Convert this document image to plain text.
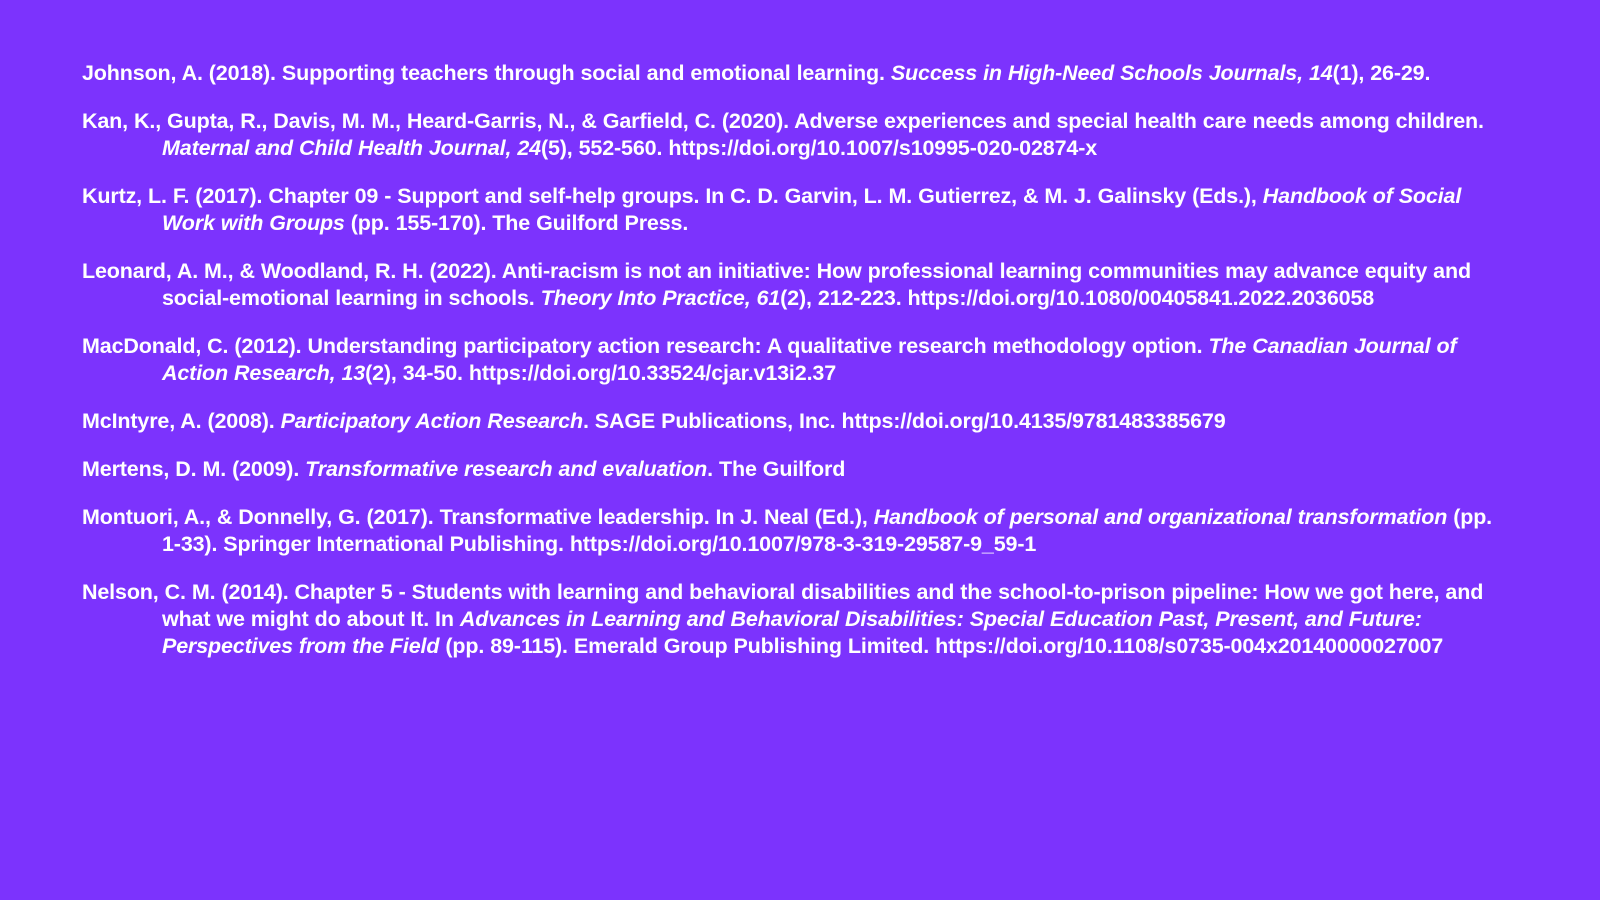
Johnson, A. (2018). Supporting teachers through social and emotional learning. Success in High-Need Schools Journals, 14(1), 26-29.

Kan, K., Gupta, R., Davis, M. M., Heard-Garris, N., & Garfield, C. (2020). Adverse experiences and special health care needs among children. Maternal and Child Health Journal, 24(5), 552-560. https://doi.org/10.1007/s10995-020-02874-x

Kurtz, L. F. (2017). Chapter 09 - Support and self-help groups. In C. D. Garvin, L. M. Gutierrez, & M. J. Galinsky (Eds.), Handbook of Social Work with Groups (pp. 155-170). The Guilford Press.

Leonard, A. M., & Woodland, R. H. (2022). Anti-racism is not an initiative: How professional learning communities may advance equity and social-emotional learning in schools. Theory Into Practice, 61(2), 212-223. https://doi.org/10.1080/00405841.2022.2036058

MacDonald, C. (2012). Understanding participatory action research: A qualitative research methodology option. The Canadian Journal of Action Research, 13(2), 34-50. https://doi.org/10.33524/cjar.v13i2.37

McIntyre, A. (2008). Participatory Action Research. SAGE Publications, Inc. https://doi.org/10.4135/9781483385679

Mertens, D. M. (2009). Transformative research and evaluation. The Guilford

Montuori, A., & Donnelly, G. (2017). Transformative leadership. In J. Neal (Ed.), Handbook of personal and organizational transformation (pp. 1-33). Springer International Publishing. https://doi.org/10.1007/978-3-319-29587-9_59-1

Nelson, C. M. (2014). Chapter 5 - Students with learning and behavioral disabilities and the school-to-prison pipeline: How we got here, and what we might do about It. In Advances in Learning and Behavioral Disabilities: Special Education Past, Present, and Future: Perspectives from the Field (pp. 89-115). Emerald Group Publishing Limited. https://doi.org/10.1108/s0735-004x20140000027007
